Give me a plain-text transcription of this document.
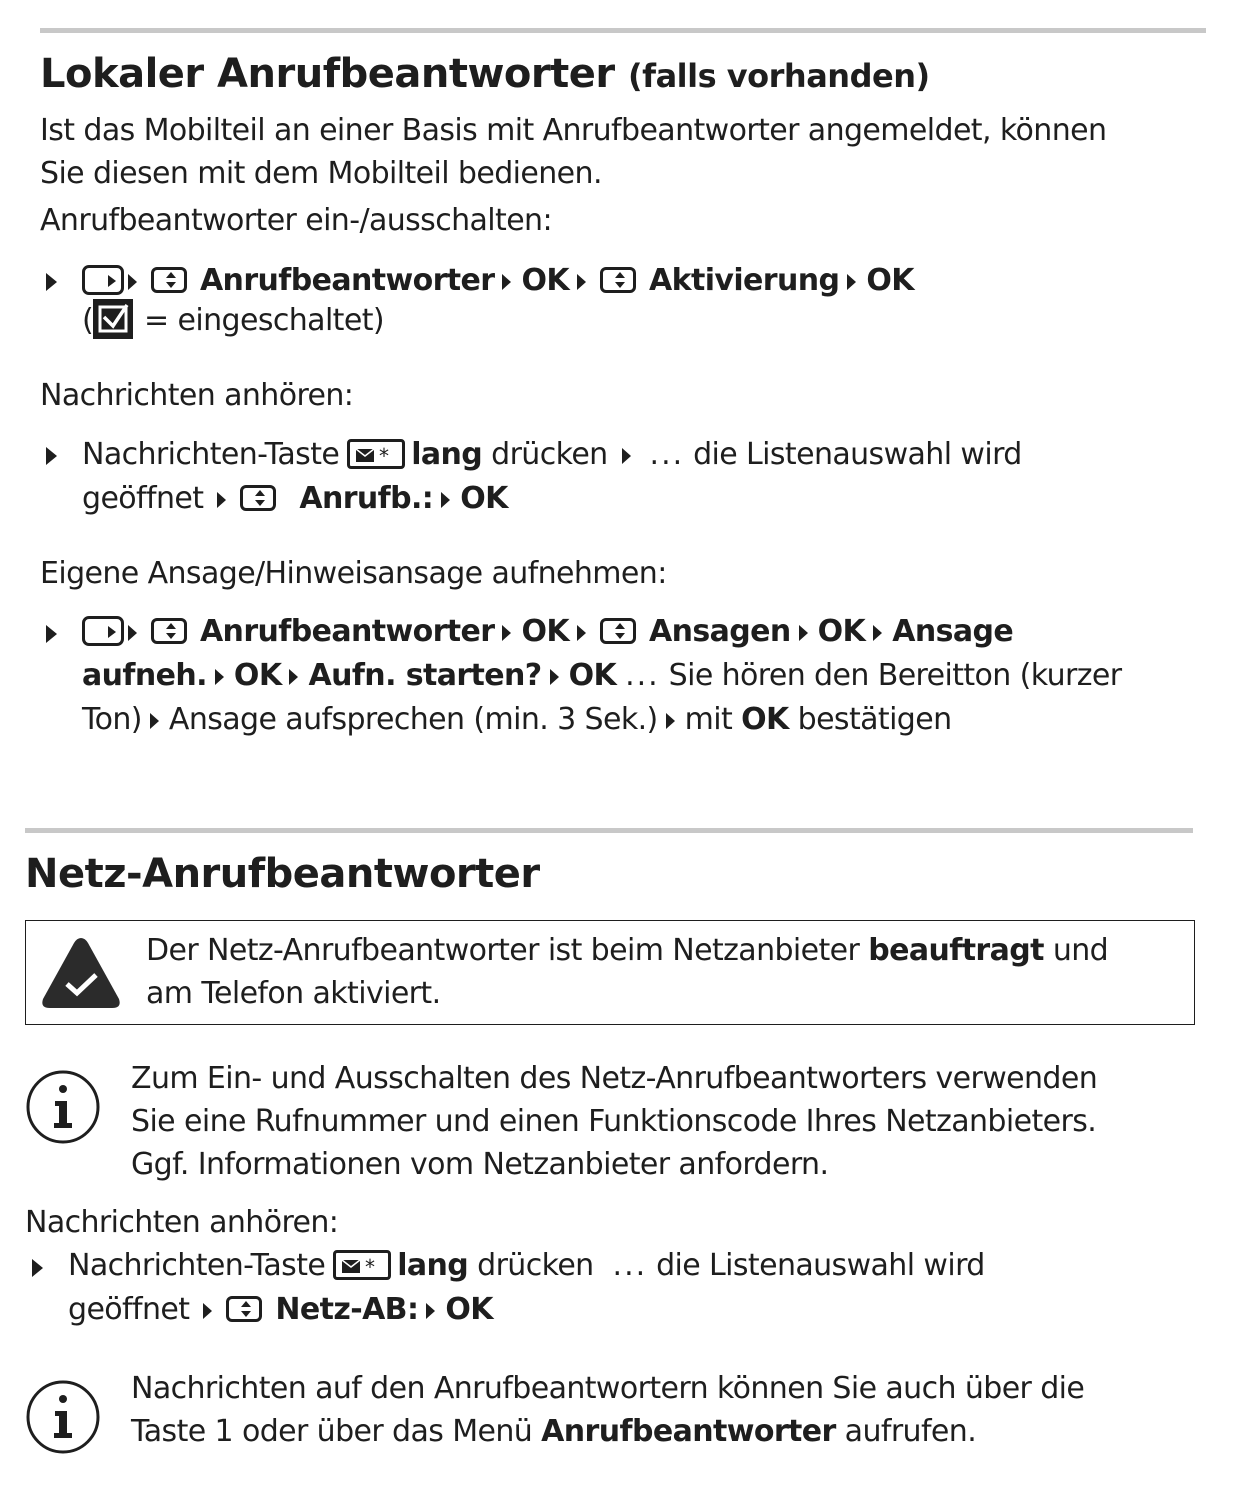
Lokaler Anrufbeantworter (falls vorhanden)
Ist das Mobilteil an einer Basis mit Anrufbeantworter angemeldet, können
Sie diesen mit dem Mobilteil bedienen.
Anrufbeantworter ein-/ausschalten:
Anrufbeantworter OK	Aktivierung OK
(
= eingeschaltet)
Nachrichten anhören:
Nachrichten-Taste * lang drücken ... die Listenauswahl wird
geöffnet	Anrufb.: OK
Eigene Ansage/Hinweisansage aufnehmen:
Anrufbeantworter OK	Ansagen OK Ansage
aufneh. OK Aufn. starten? OK ... Sie hören den Bereitton (kurzer
Ton) Ansage aufsprechen (min. 3 Sek.) mit OK bestätigen
Netz-Anrufbeantworter
Der Netz-Anrufbeantworter ist beim Netzanbieter beauftragt und
am Telefon aktiviert.
Zum Ein- und Ausschalten des Netz-Anrufbeantworters verwenden
Sie eine Rufnummer und einen Funktionscode Ihres Netzanbieters.
Ggf. Informationen vom Netzanbieter anfordern.
Nachrichten anhören:
Nachrichten-Taste * lang drücken ... die Listenauswahl wird
geöffnet	Netz-AB: OK
Nachrichten auf den Anrufbeantwortern können Sie auch über die
Taste 1 oder über das Menü Anrufbeantworter aufrufen.
